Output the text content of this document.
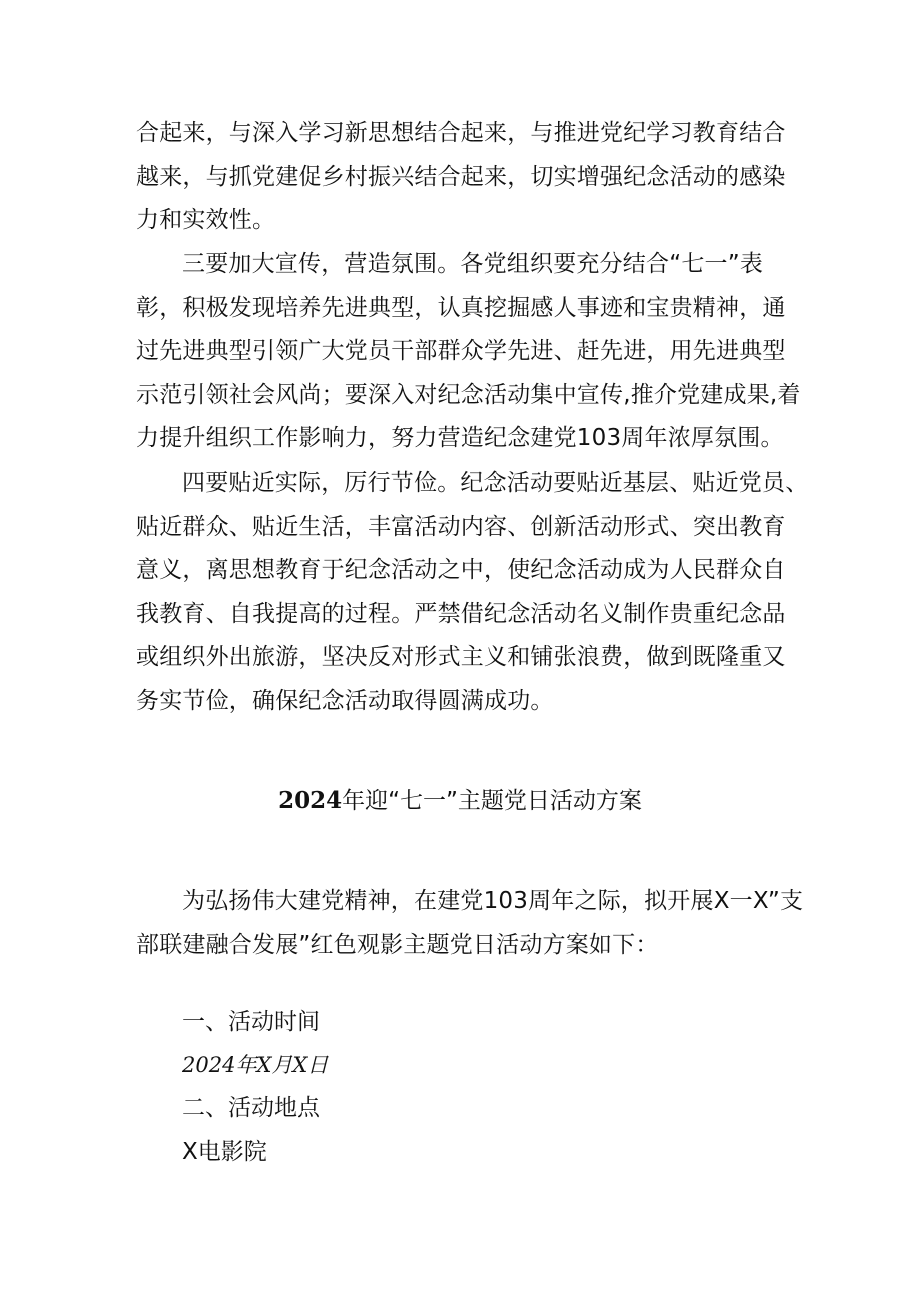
合起来，与深入学习新思想结合起来，与推进党纪学习教育结合
越来，与抓党建促乡村振兴结合起来，切实增强纪念活动的感染
力和实效性。

三要加大宣传，营造氛围。各党组织要充分结合“七一”表
彰，积极发现培养先进典型，认真挖掘感人事迹和宝贵精神，通
过先进典型引领广大党员干部群众学先进、赶先进，用先进典型
示范引领社会风尚；要深入对纪念活动集中宣传,推介党建成果,着
力提升组织工作影响力，努力营造纪念建党103周年浓厚氛围。

四要贴近实际，厉行节俭。纪念活动要贴近基层、贴近党员、
贴近群众、贴近生活，丰富活动内容、创新活动形式、突出教育
意义，离思想教育于纪念活动之中，使纪念活动成为人民群众自
我教育、自我提高的过程。严禁借纪念活动名义制作贵重纪念品
或组织外出旅游，坚决反对形式主义和铺张浪费，做到既隆重又
务实节俭，确保纪念活动取得圆满成功。

2024年迎“七一”主题党日活动方案

为弘扬伟大建党精神，在建党103周年之际，拟开展X一X”支
部联建融合发展”红色观影主题党日活动方案如下：

一、活动时间
2024年X月X日
二、活动地点
X电影院
